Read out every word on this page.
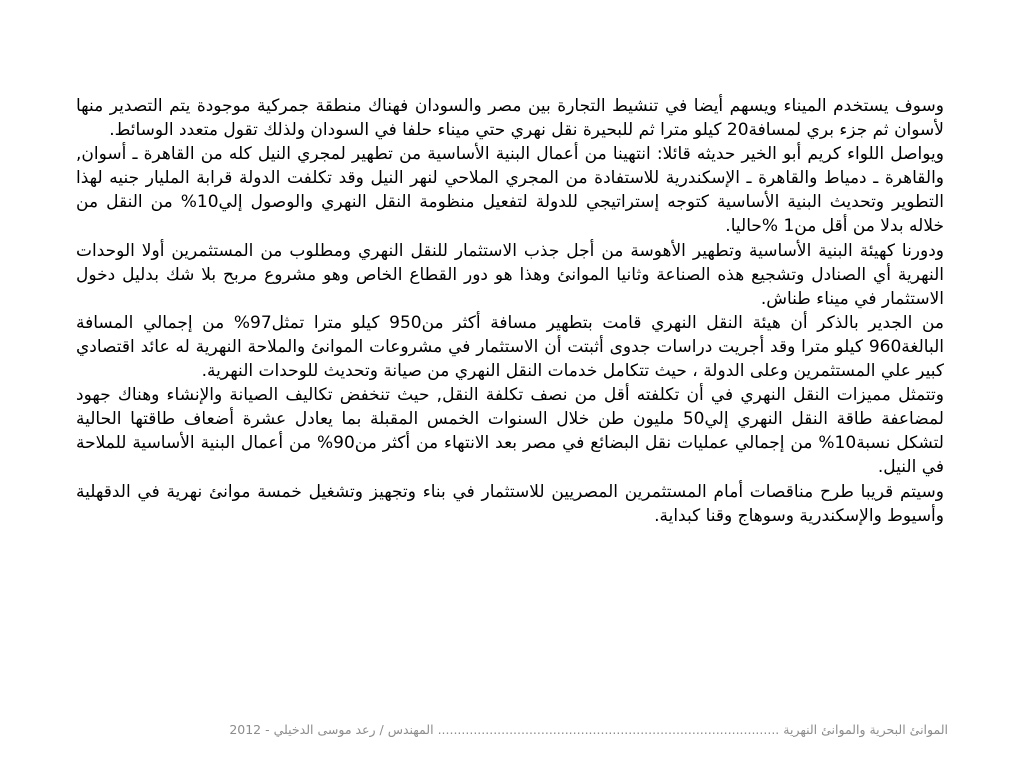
وسوف يستخدم الميناء ويسهم أيضا في تنشيط التجارة بين مصر والسودان فهناك منطقة جمركية موجودة يتم التصدير منها لأسوان ثم جزء بري لمسافة20 كيلو مترا ثم للبحيرة نقل نهري حتي ميناء حلفا في السودان ولذلك تقول متعدد الوسائط.

ويواصل اللواء كريم أبو الخير حديثه قائلا: انتهينا من أعمال البنية الأساسية من تطهير لمجري النيل كله من القاهرة ـ أسوان, والقاهرة ـ دمياط والقاهرة ـ الإسكندرية للاستفادة من المجري الملاحي لنهر النيل وقد تكلفت الدولة قرابة المليار جنيه لهذا التطوير وتحديث البنية الأساسية كتوجه إستراتيجي للدولة لتفعيل منظومة النقل النهري والوصول إلي10% من النقل من خلاله بدلا من أقل من1 %حاليا.

ودورنا كهيئة البنية الأساسية وتطهير الأهوسة من أجل جذب الاستثمار للنقل النهري ومطلوب من المستثمرين أولا الوحدات النهرية أي الصنادل وتشجيع هذه الصناعة وثانيا الموانئ وهذا هو دور القطاع الخاص وهو مشروع مربح بلا شك بدليل دخول الاستثمار في ميناء طناش.

من الجدير بالذكر أن هيئة النقل النهري قامت بتطهير مسافة أكثر من950 كيلو مترا تمثل97% من إجمالي المسافة البالغة960 كيلو مترا وقد أجريت دراسات جدوى أثبتت أن الاستثمار في مشروعات الموانئ والملاحة النهرية له عائد اقتصادي كبير علي المستثمرين وعلى الدولة ، حيث تتكامل خدمات النقل النهري من صيانة وتحديث للوحدات النهرية.

وتتمثل مميزات النقل النهري في أن تكلفته أقل من نصف تكلفة النقل, حيث تنخفض تكاليف الصيانة والإنشاء وهناك جهود لمضاعفة طاقة النقل النهري إلي50 مليون طن خلال السنوات الخمس المقبلة بما يعادل عشرة أضعاف طاقتها الحالية لتشكل نسبة10% من إجمالي عمليات نقل البضائع في مصر بعد الانتهاء من أكثر من90% من أعمال البنية الأساسية للملاحة في النيل.

وسيتم قريبا طرح مناقصات أمام المستثمرين المصريين للاستثمار في بناء وتجهيز وتشغيل خمسة موانئ نهرية في الدقهلية وأسيوط والإسكندرية وسوهاج وقنا كبداية.

الموانئ البحرية والموانئ النهرية ...................................................................................... المهندس / رعد موسى الدخيلي - 2012
